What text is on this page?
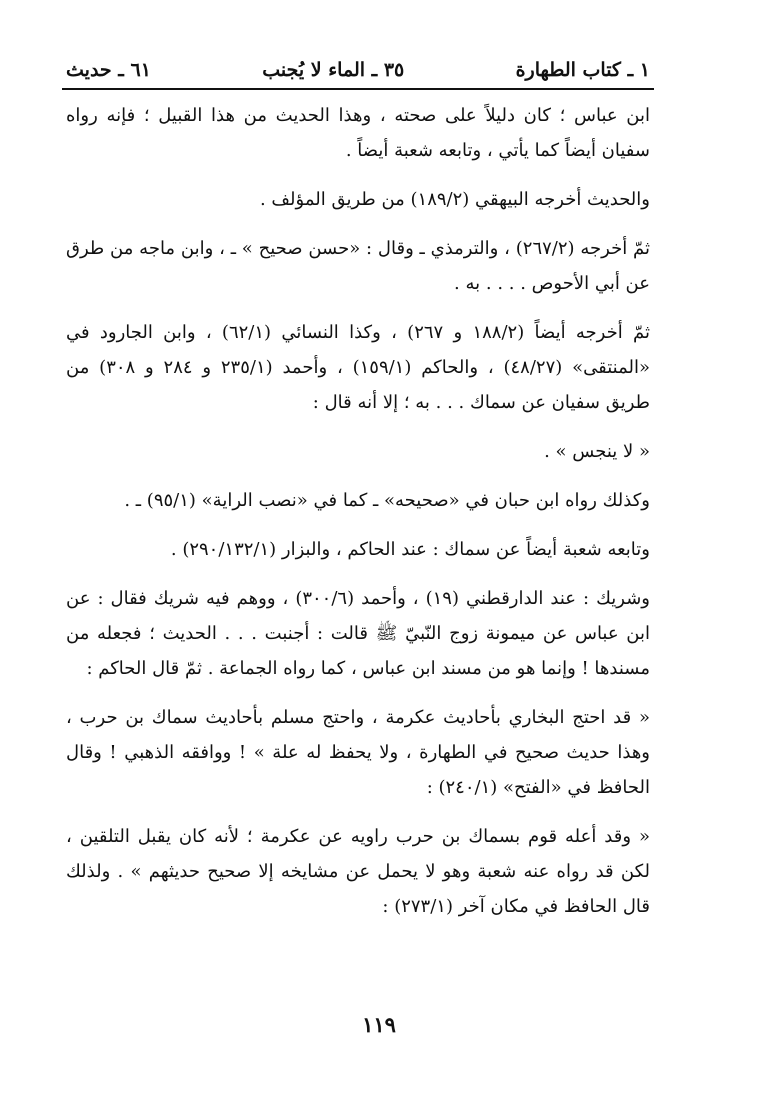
١ ـ كتاب الطهارة
٣٥ ـ الماء لا يُجنب
٦١ ـ حديث

ابن عباس ؛ كان دليلاً على صحته ، وهذا الحديث من هذا القبيل ؛ فإنه رواه سفيان أيضاً كما يأتي ، وتابعه شعبة أيضاً .

والحديث أخرجه البيهقي (١٨٩/٢) من طريق المؤلف .

ثمّ أخرجه (٢٦٧/٢) ، والترمذي ـ وقال : «حسن صحيح » ـ ، وابن ماجه من طرق عن أبي الأحوص . . . . به .

ثمّ أخرجه أيضاً (١٨٨/٢ و ٢٦٧) ، وكذا النسائي (٦٢/١) ، وابن الجارود في «المنتقى» (٤٨/٢٧) ، والحاكم (١٥٩/١) ، وأحمد (٢٣٥/١ و ٢٨٤ و ٣٠٨) من طريق سفيان عن سماك . . . به ؛ إلا أنه قال :

« لا ينجس » .

وكذلك رواه ابن حبان في «صحيحه» ـ كما في «نصب الراية» (٩٥/١) ـ .

وتابعه شعبة أيضاً عن سماك : عند الحاكم ، والبزار (٢٩٠/١٣٢/١) .

وشريك : عند الدارقطني (١٩) ، وأحمد (٣٠٠/٦) ، ووهم فيه شريك فقال : عن ابن عباس عن ميمونة زوج النّبيّ ﷺ قالت : أجنبت . . . الحديث ؛ فجعله من مسندها ! وإنما هو من مسند ابن عباس ، كما رواه الجماعة . ثمّ قال الحاكم :

« قد احتج البخاري بأحاديث عكرمة ، واحتج مسلم بأحاديث سماك بن حرب ، وهذا حديث صحيح في الطهارة ، ولا يحفظ له علة » ! ووافقه الذهبي ! وقال الحافظ في «الفتح» (٢٤٠/١) :

« وقد أعله قوم بسماك بن حرب راويه عن عكرمة ؛ لأنه كان يقبل التلقين ، لكن قد رواه عنه شعبة وهو لا يحمل عن مشايخه إلا صحيح حديثهم » . ولذلك قال الحافظ في مكان آخر (٢٧٣/١) :

١١٩
